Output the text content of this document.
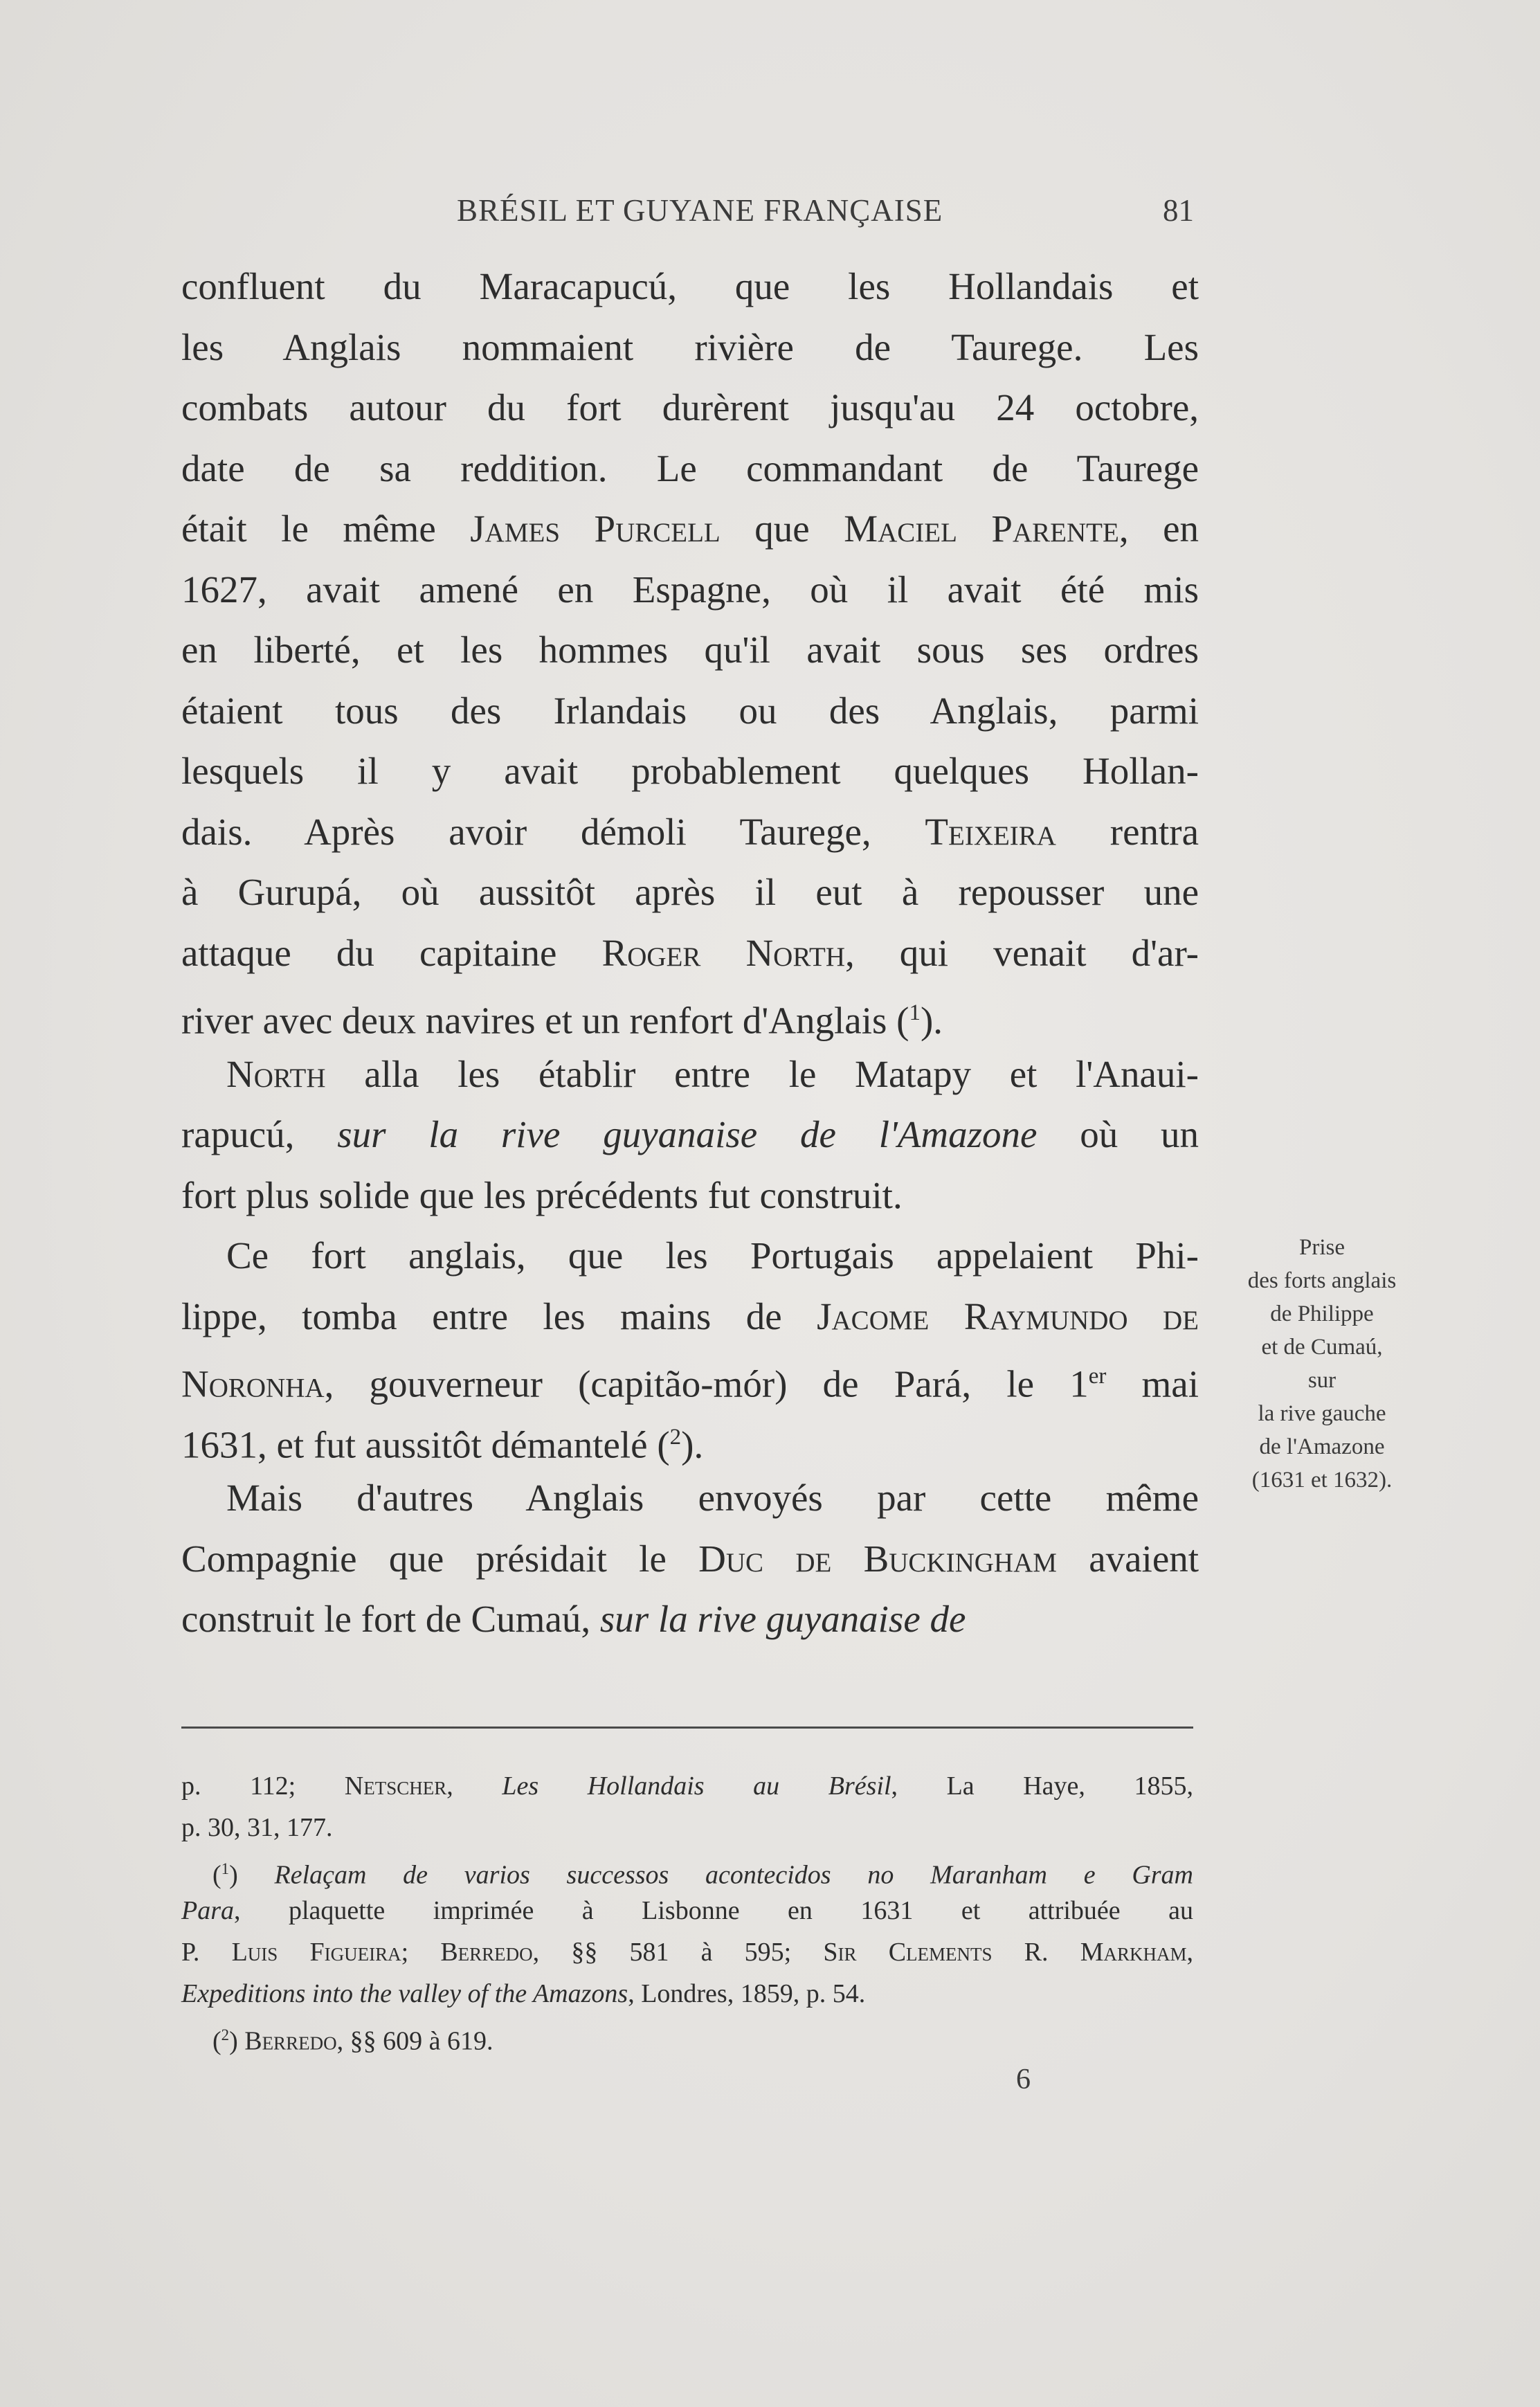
BRÉSIL ET GUYANE FRANÇAISE	81
confluent du Maracapucú, que les Hollandais et
les Anglais nommaient rivière de Tauregе. Les
combats autour du fort durèrent jusqu'au 24 octobre,
date de sa reddition. Le commandant de Taurege
était le même James Purcell que Maciel Parente, en
1627, avait amené en Espagne, où il avait été mis
en liberté, et les hommes qu'il avait sous ses ordres
étaient tous des Irlandais ou des Anglais, parmi
lesquels il y avait probablement quelques Hollan-
dais. Après avoir démoli Taurege, Teixeira rentra
à Gurupá, où aussitôt après il eut à repousser une
attaque du capitaine Roger North, qui venait d'ar-
river avec deux navires et un renfort d'Anglais ($^1$).
North alla les établir entre le Matapy et l'Anaui-
rapucú, sur la rive guyanaise de l'Amazone où un
fort plus solide que les précédents fut construit.
Ce fort anglais, que les Portugais appelaient Phi-
lippe, tomba entre les mains de Jacome Raymundo de
Noronha, gouverneur (capitão-mór) de Pará, le 1er mai
1631, et fut aussitôt démantelé ($^2$).
Mais d'autres Anglais envoyés par cette même
Compagnie que présidait le Duc de Buckingham avaient
construit le fort de Cumaú, sur la rive guyanaise de
Prise
des forts anglais
de Philippe
et de Cumaú,
sur
la rive gauche
de l'Amazone
(1631 et 1632).
p. 112; Netscher, Les Hollandais au Brésil, La Haye, 1855,
p. 30, 31, 177.
($^1$) Relaçam de varios successos acontecidos no Maranham e Gram
Para, plaquette imprimée à Lisbonne en 1631 et attribuée au
P. Luis Figueira; Berredo, §§ 581 à 595; Sir Clements R. Markham,
Expeditions into the valley of the Amazons, Londres, 1859, p. 54.
($^2$) Berredo, §§ 609 à 619.
6
